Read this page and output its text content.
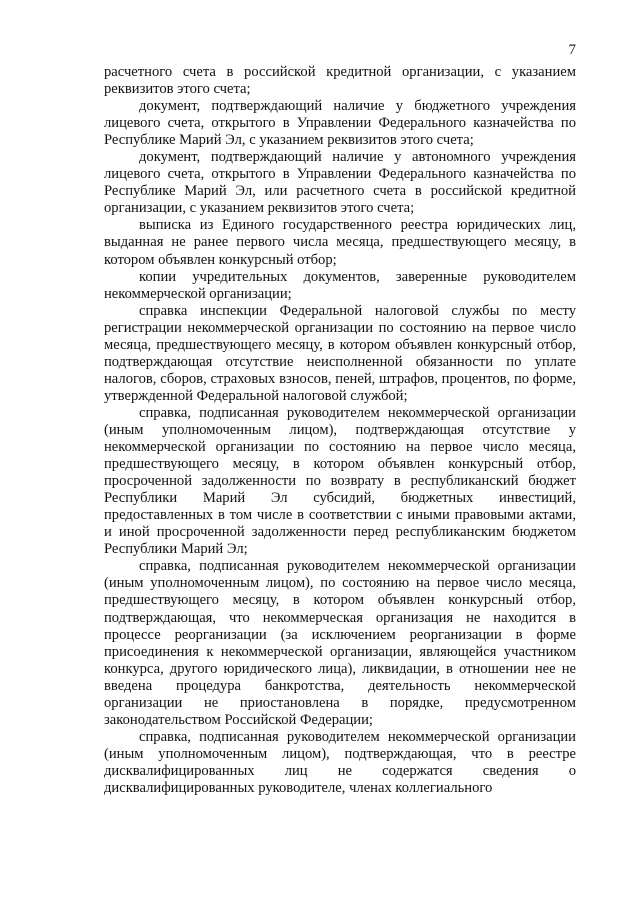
7

расчетного счета в российской кредитной организации, с указанием реквизитов этого счета;

документ, подтверждающий наличие у бюджетного учреждения лицевого счета, открытого в Управлении Федерального казначейства по Республике Марий Эл, с указанием реквизитов этого счета;

документ, подтверждающий наличие у автономного учреждения лицевого счета, открытого в Управлении Федерального казначейства по Республике Марий Эл, или расчетного счета в российской кредитной организации, с указанием реквизитов этого счета;

выписка из Единого государственного реестра юридических лиц, выданная не ранее первого числа месяца, предшествующего месяцу, в котором объявлен конкурсный отбор;

копии учредительных документов, заверенные руководителем некоммерческой организации;

справка инспекции Федеральной налоговой службы по месту регистрации некоммерческой организации по состоянию на первое число месяца, предшествующего месяцу, в котором объявлен конкурсный отбор, подтверждающая отсутствие неисполненной обязанности по уплате налогов, сборов, страховых взносов, пеней, штрафов, процентов, по форме, утвержденной Федеральной налоговой службой;

справка, подписанная руководителем некоммерческой организации (иным уполномоченным лицом), подтверждающая отсутствие у некоммерческой организации по состоянию на первое число месяца, предшествующего месяцу, в котором объявлен конкурсный отбор, просроченной задолженности по возврату в республиканский бюджет Республики Марий Эл субсидий, бюджетных инвестиций, предоставленных в том числе в соответствии с иными правовыми актами, и иной просроченной задолженности перед республиканским бюджетом Республики Марий Эл;

справка, подписанная руководителем некоммерческой организации (иным уполномоченным лицом), по состоянию на первое число месяца, предшествующего месяцу, в котором объявлен конкурсный отбор, подтверждающая, что некоммерческая организация не находится в процессе реорганизации (за исключением реорганизации в форме присоединения к некоммерческой организации, являющейся участником конкурса, другого юридического лица), ликвидации, в отношении нее не введена процедура банкротства, деятельность некоммерческой организации не приостановлена в порядке, предусмотренном законодательством Российской Федерации;

справка, подписанная руководителем некоммерческой организации (иным уполномоченным лицом), подтверждающая, что в реестре дисквалифицированных лиц не содержатся сведения о дисквалифицированных руководителе, членах коллегиального
